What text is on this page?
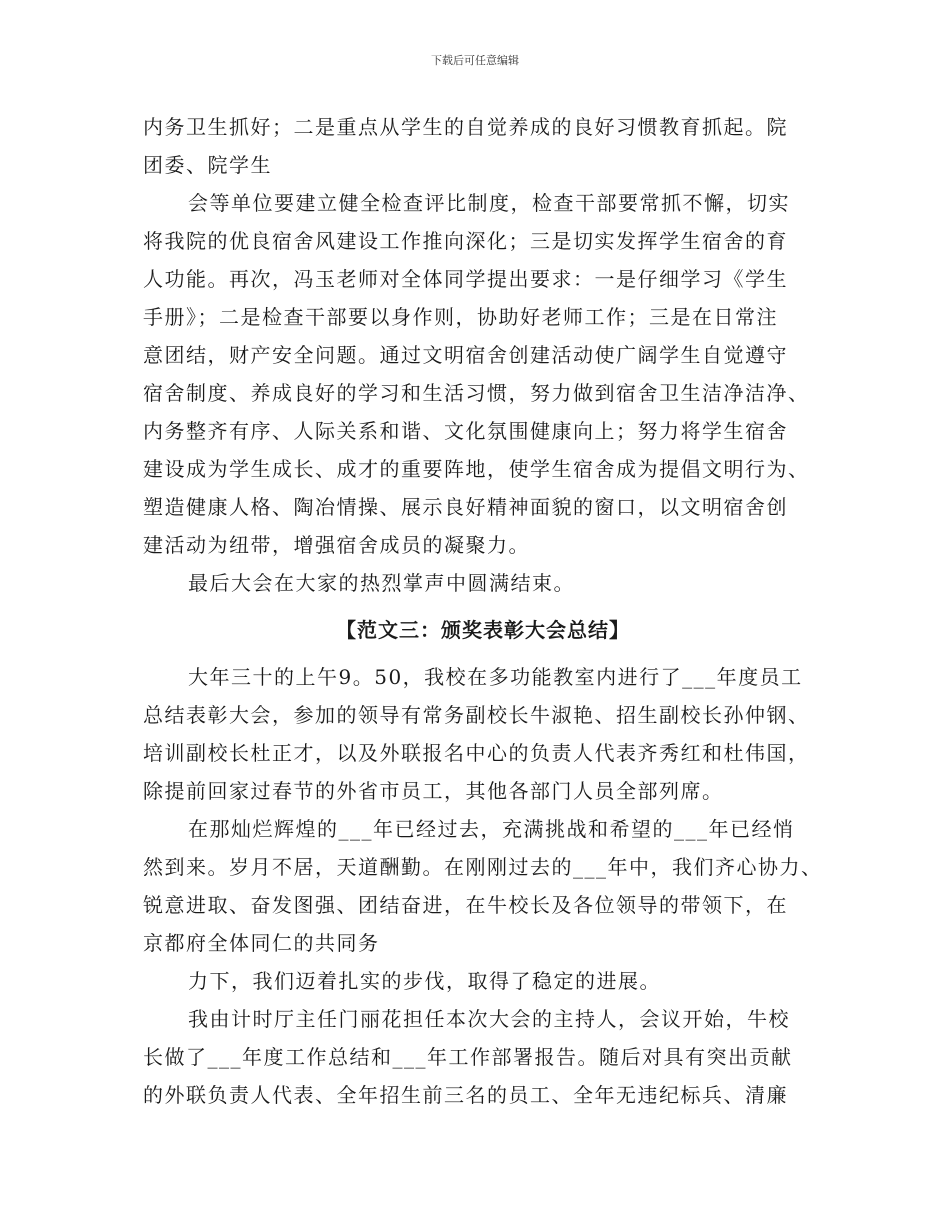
下载后可任意编辑

内务卫生抓好；二是重点从学生的自觉养成的良好习惯教育抓起。院

团委、院学生

会等单位要建立健全检查评比制度，检查干部要常抓不懈，切实

将我院的优良宿舍风建设工作推向深化；三是切实发挥学生宿舍的育

人功能。再次，冯玉老师对全体同学提出要求：一是仔细学习《学生

手册》；二是检查干部要以身作则，协助好老师工作；三是在日常注

意团结，财产安全问题。通过文明宿舍创建活动使广阔学生自觉遵守

宿舍制度、养成良好的学习和生活习惯，努力做到宿舍卫生洁净洁净、

内务整齐有序、人际关系和谐、文化氛围健康向上；努力将学生宿舍

建设成为学生成长、成才的重要阵地，使学生宿舍成为提倡文明行为、

塑造健康人格、陶冶情操、展示良好精神面貌的窗口，以文明宿舍创

建活动为纽带，增强宿舍成员的凝聚力。

最后大会在大家的热烈掌声中圆满结束。

【范文三：颁奖表彰大会总结】

大年三十的上午9。50，我校在多功能教室内进行了___年度员工

总结表彰大会，参加的领导有常务副校长牛淑艳、招生副校长孙仲钢、

培训副校长杜正才，以及外联报名中心的负责人代表齐秀红和杜伟国，

除提前回家过春节的外省市员工，其他各部门人员全部列席。

在那灿烂辉煌的___年已经过去，充满挑战和希望的___年已经悄

然到来。岁月不居，天道酬勤。在刚刚过去的___年中，我们齐心协力、

锐意进取、奋发图强、团结奋进，在牛校长及各位领导的带领下，在

京都府全体同仁的共同务

力下，我们迈着扎实的步伐，取得了稳定的进展。

我由计时厅主任门丽花担任本次大会的主持人，会议开始，牛校

长做了___年度工作总结和___年工作部署报告。随后对具有突出贡献

的外联负责人代表、全年招生前三名的员工、全年无违纪标兵、清廉
